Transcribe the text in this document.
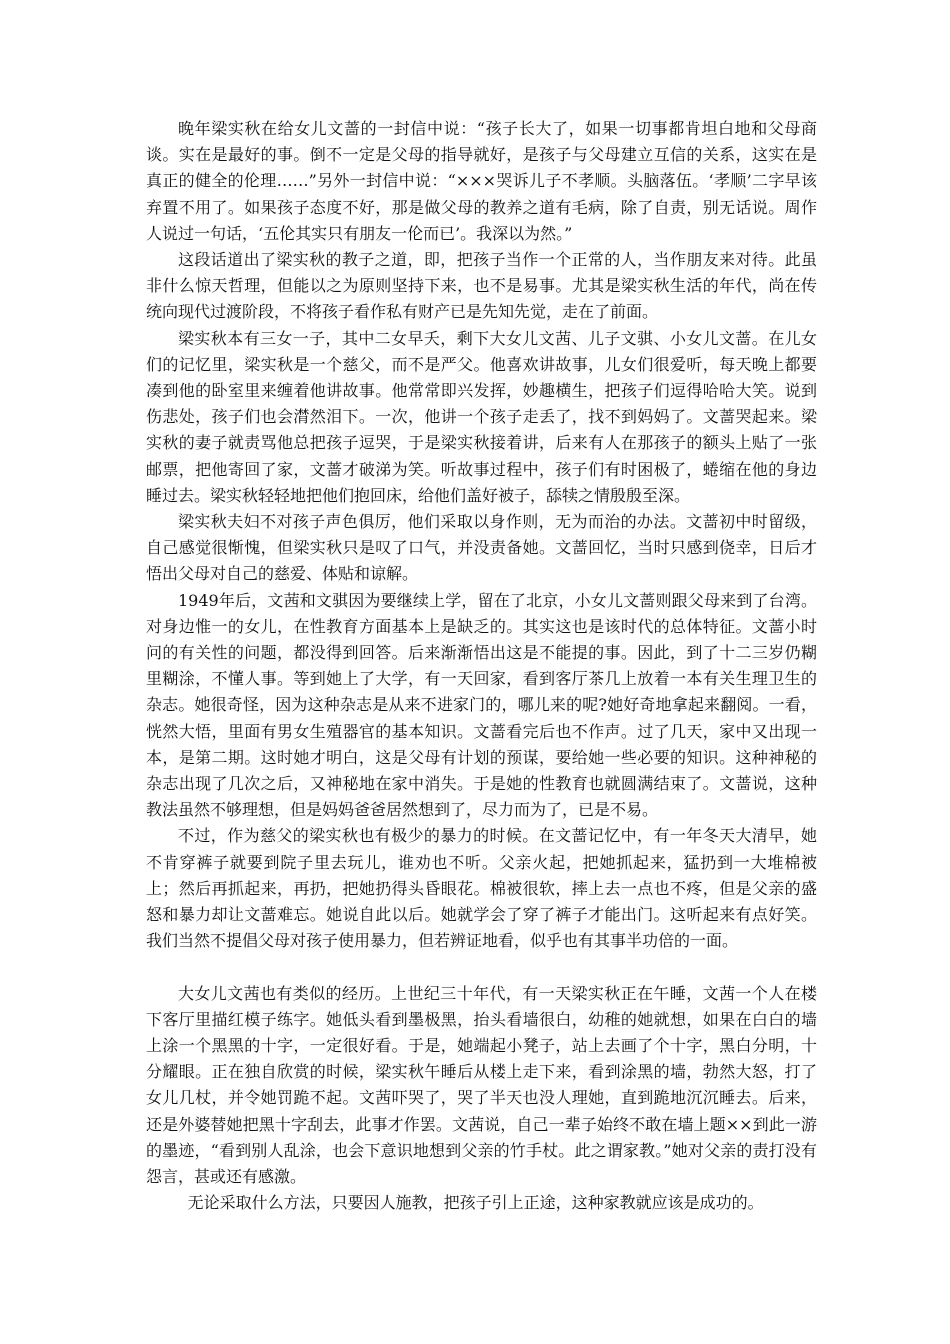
晚年梁实秋在给女儿文蔷的一封信中说：“孩子长大了，如果一切事都肯坦白地和父母商谈。实在是最好的事。倒不一定是父母的指导就好，是孩子与父母建立互信的关系，这实在是真正的健全的伦理……”另外一封信中说：“×××哭诉儿子不孝顺。头脑落伍。‘孝顺’二字早该弃置不用了。如果孩子态度不好，那是做父母的教养之道有毛病，除了自责，别无话说。周作人说过一句话，‘五伦其实只有朋友一伦而已’。我深以为然。”

这段话道出了梁实秋的教子之道，即，把孩子当作一个正常的人，当作朋友来对待。此虽非什么惊天哲理，但能以之为原则坚持下来，也不是易事。尤其是梁实秋生活的年代，尚在传统向现代过渡阶段，不将孩子看作私有财产已是先知先觉，走在了前面。

梁实秋本有三女一子，其中二女早夭，剩下大女儿文茜、儿子文骐、小女儿文蔷。在儿女们的记忆里，梁实秋是一个慈父，而不是严父。他喜欢讲故事，儿女们很爱听，每天晚上都要凑到他的卧室里来缠着他讲故事。他常常即兴发挥，妙趣横生，把孩子们逗得哈哈大笑。说到伤悲处，孩子们也会潸然泪下。一次，他讲一个孩子走丢了，找不到妈妈了。文蔷哭起来。梁实秋的妻子就责骂他总把孩子逗哭，于是梁实秋接着讲，后来有人在那孩子的额头上贴了一张邮票，把他寄回了家，文蔷才破涕为笑。听故事过程中，孩子们有时困极了，蜷缩在他的身边睡过去。梁实秋轻轻地把他们抱回床，给他们盖好被子，舔犊之情殷殷至深。

梁实秋夫妇不对孩子声色俱厉，他们采取以身作则，无为而治的办法。文蔷初中时留级，自己感觉很惭愧，但梁实秋只是叹了口气，并没责备她。文蔷回忆，当时只感到侥幸，日后才悟出父母对自己的慈爱、体贴和谅解。

1949年后，文茜和文骐因为要继续上学，留在了北京，小女儿文蔷则跟父母来到了台湾。对身边惟一的女儿，在性教育方面基本上是缺乏的。其实这也是该时代的总体特征。文蔷小时问的有关性的问题，都没得到回答。后来渐渐悟出这是不能提的事。因此，到了十二三岁仍糊里糊涂，不懂人事。等到她上了大学，有一天回家，看到客厅茶几上放着一本有关生理卫生的杂志。她很奇怪，因为这种杂志是从来不进家门的，哪儿来的呢?她好奇地拿起来翻阅。一看，恍然大悟，里面有男女生殖器官的基本知识。文蔷看完后也不作声。过了几天，家中又出现一本，是第二期。这时她才明白，这是父母有计划的预谋，要给她一些必要的知识。这种神秘的杂志出现了几次之后，又神秘地在家中消失。于是她的性教育也就圆满结束了。文蔷说，这种教法虽然不够理想，但是妈妈爸爸居然想到了，尽力而为了，已是不易。

不过，作为慈父的梁实秋也有极少的暴力的时候。在文蔷记忆中，有一年冬天大清早，她不肯穿裤子就要到院子里去玩儿，谁劝也不听。父亲火起，把她抓起来，猛扔到一大堆棉被上；然后再抓起来，再扔，把她扔得头昏眼花。棉被很软，摔上去一点也不疼，但是父亲的盛怒和暴力却让文蔷难忘。她说自此以后。她就学会了穿了裤子才能出门。这听起来有点好笑。我们当然不提倡父母对孩子使用暴力，但若辨证地看，似乎也有其事半功倍的一面。

大女儿文茜也有类似的经历。上世纪三十年代，有一天梁实秋正在午睡，文茜一个人在楼下客厅里描红模子练字。她低头看到墨极黑，抬头看墙很白，幼稚的她就想，如果在白白的墙上涂一个黑黑的十字，一定很好看。于是，她端起小凳子，站上去画了个十字，黑白分明，十分耀眼。正在独自欣赏的时候，梁实秋午睡后从楼上走下来，看到涂黑的墙，勃然大怒，打了女儿几杖，并令她罚跪不起。文茜吓哭了，哭了半天也没人理她，直到跪地沉沉睡去。后来，还是外婆替她把黑十字刮去，此事才作罢。文茜说，自己一辈子始终不敢在墙上题××到此一游的墨迹，“看到别人乱涂，也会下意识地想到父亲的竹手杖。此之谓家教。”她对父亲的责打没有怨言，甚或还有感激。

无论采取什么方法，只要因人施教，把孩子引上正途，这种家教就应该是成功的。
